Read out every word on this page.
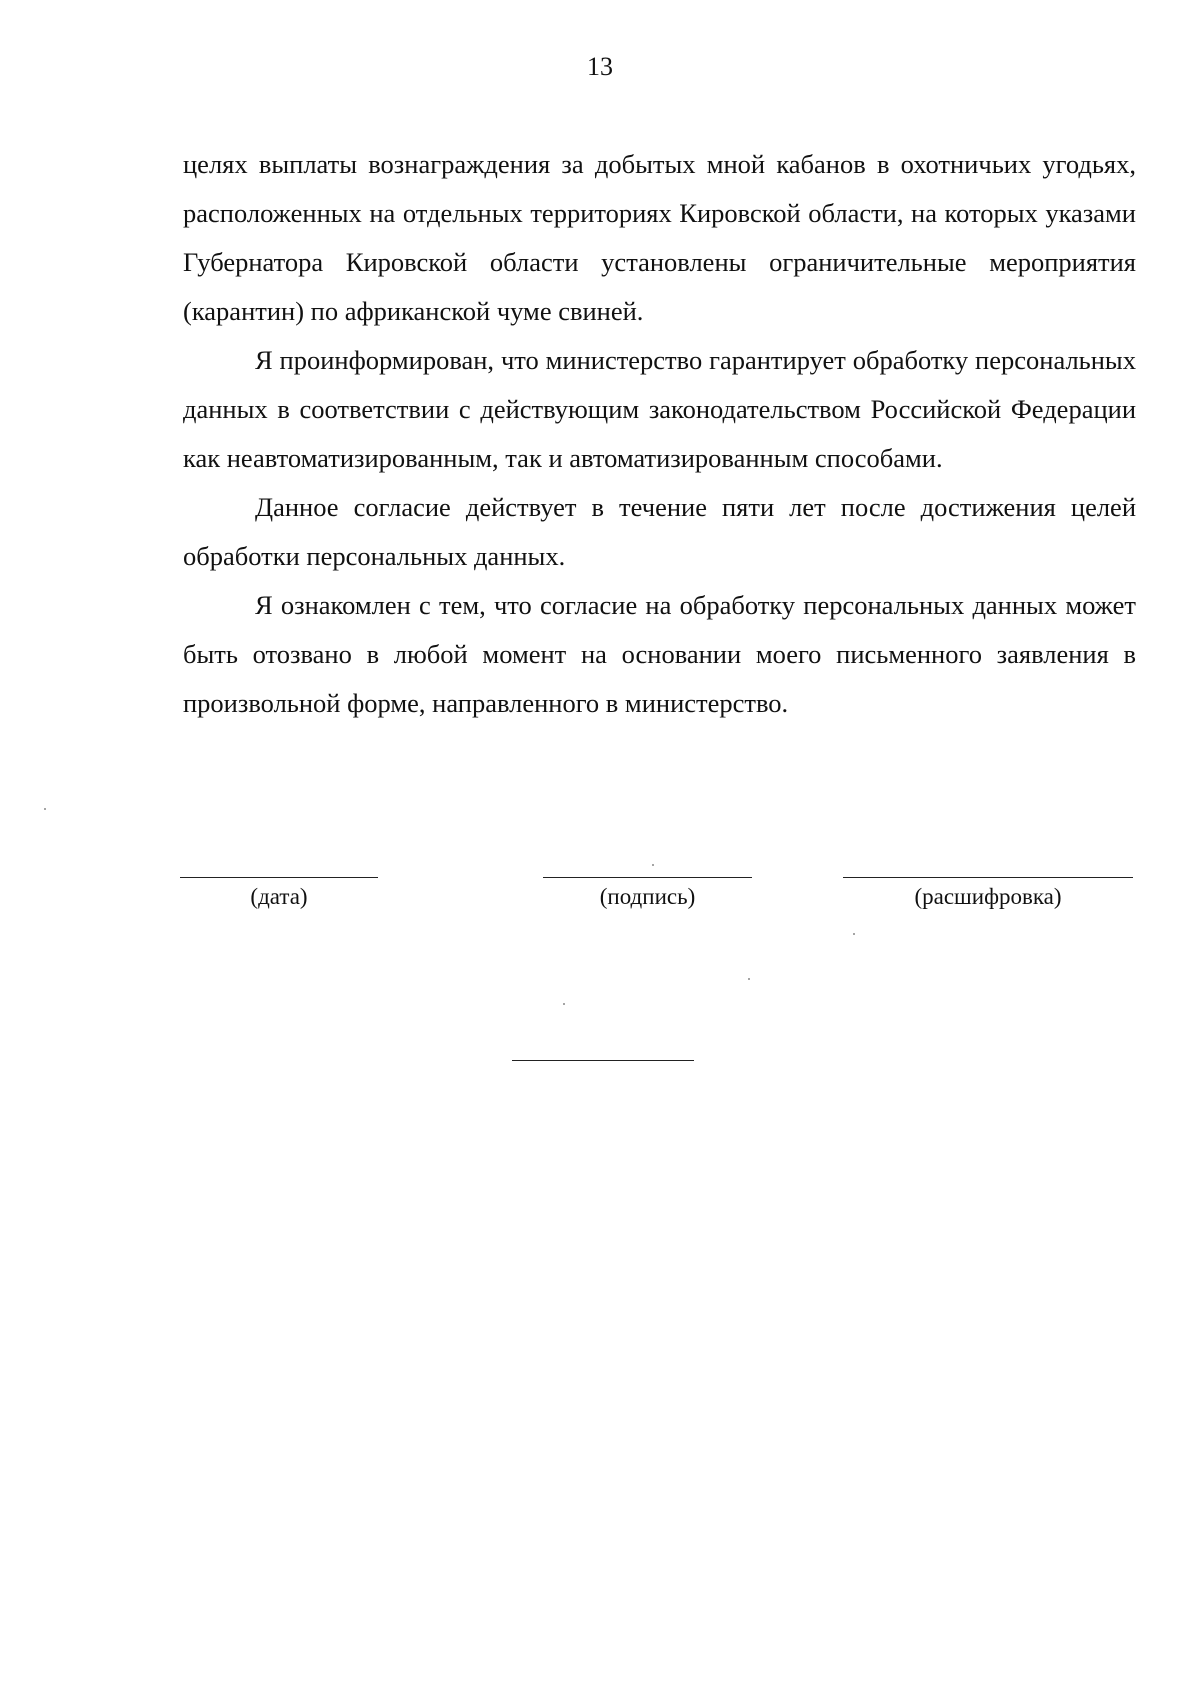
13

целях выплаты вознаграждения за добытых мной кабанов в охотничьих угодьях, расположенных на отдельных территориях Кировской области, на которых указами Губернатора Кировской области установлены ограничительные мероприятия (карантин) по африканской чуме свиней.

Я проинформирован, что министерство гарантирует обработку персональных данных в соответствии с действующим законодательством Российской Федерации как неавтоматизированным, так и автоматизированным способами.

Данное согласие действует в течение пяти лет после достижения целей обработки персональных данных.

Я ознакомлен с тем, что согласие на обработку персональных данных может быть отозвано в любой момент на основании моего письменного заявления в произвольной форме, направленного в министерство.

(дата)	(подпись)	(расшифровка)
